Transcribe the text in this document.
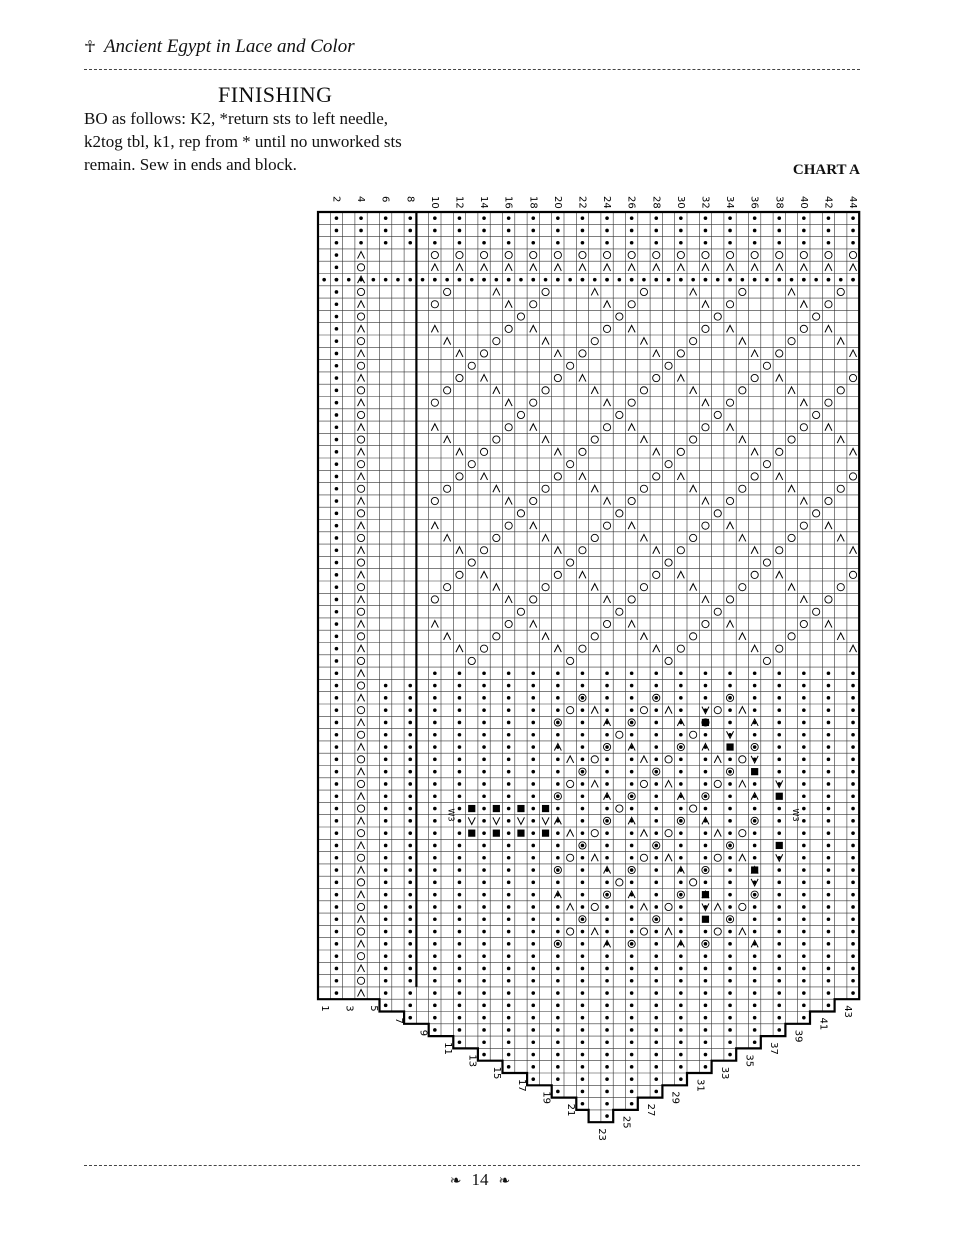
☥ Ancient Egypt in Lace and Color
FINISHING

BO as follows: K2, *return sts to left needle,

k2tog tbl, k1, rep from * until no unworked sts

remain. Sew in ends and block.	CHART A
W3	W3
2 4 6 8 10 12 14 16 18 20 22 24 26 28 30 32 34 36 38 40 42 44
1 3 5
7
9
11
13
15
17
19
21
23
25
27
29
31
33
35
37
39
41
43
❧ 14 ❧
